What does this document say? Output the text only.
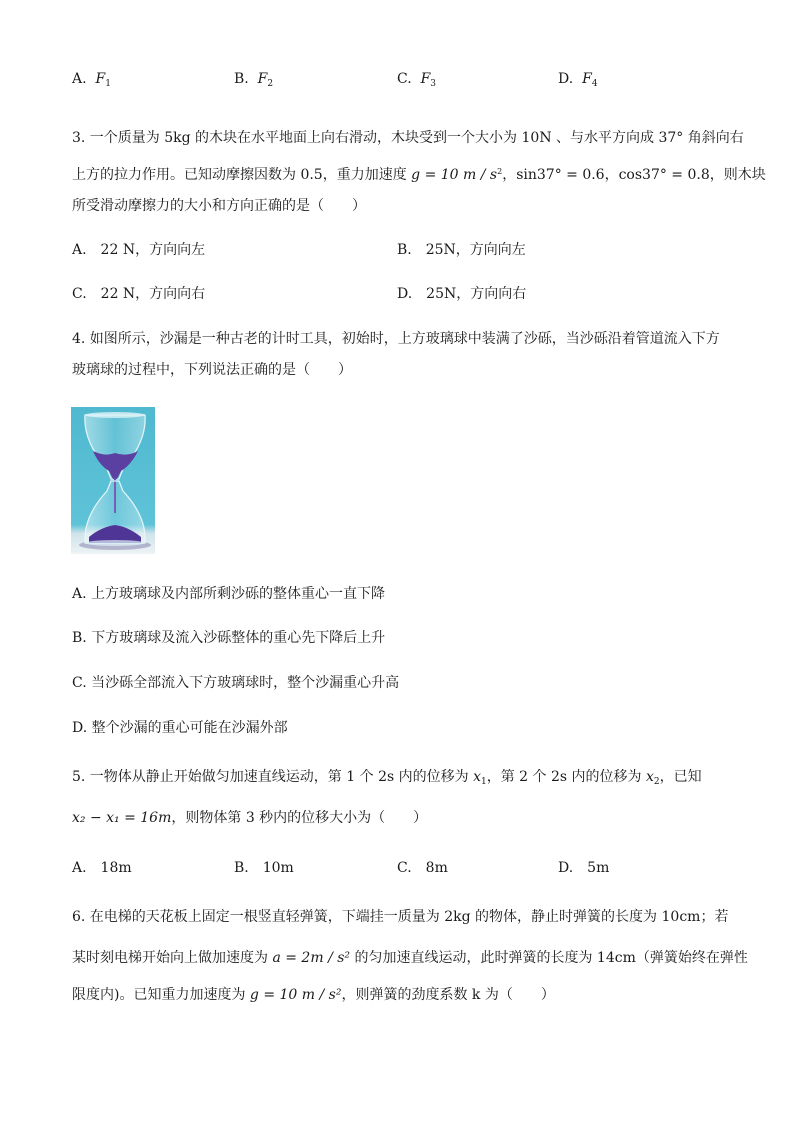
A. $F_1$	B. $F_2$	C. $F_3$	D. $F_4$
3. 一个质量为 5kg 的木块在水平地面上向右滑动，木块受到一个大小为 10N 、与水平方向成 37° 角斜向右
上方的拉力作用。已知动摩擦因数为 0.5，重力加速度 g = 10 m / $s^2$，sin37° = 0.6，cos37° = 0.8，则木块
所受滑动摩擦力的大小和方向正确的是（　　）
A.　22 N，方向向左	B.　25N，方向向左
C.　22 N，方向向右	D.　25N，方向向右
4. 如图所示，沙漏是一种古老的计时工具，初始时，上方玻璃球中装满了沙砾，当沙砾沿着管道流入下方
玻璃球的过程中，下列说法正确的是（　　）
A. 上方玻璃球及内部所剩沙砾的整体重心一直下降
B. 下方玻璃球及流入沙砾整体的重心先下降后上升
C. 当沙砾全部流入下方玻璃球时，整个沙漏重心升高
D. 整个沙漏的重心可能在沙漏外部
5. 一物体从静止开始做匀加速直线运动，第 1 个 2s 内的位移为 $x_1$，第 2 个 2s 内的位移为 $x_2$，已知
x₂ − x₁ = 16m，则物体第 3 秒内的位移大小为（　　）
A.　18m	B.　10m	C.　8m	D.　5m
6. 在电梯的天花板上固定一根竖直轻弹簧，下端挂一质量为 2kg 的物体，静止时弹簧的长度为 10cm；若
某时刻电梯开始向上做加速度为 a = 2m / s² 的匀加速直线运动，此时弹簧的长度为 14cm（弹簧始终在弹性
限度内)。已知重力加速度为 g = 10 m / s²，则弹簧的劲度系数 k 为（　　）
